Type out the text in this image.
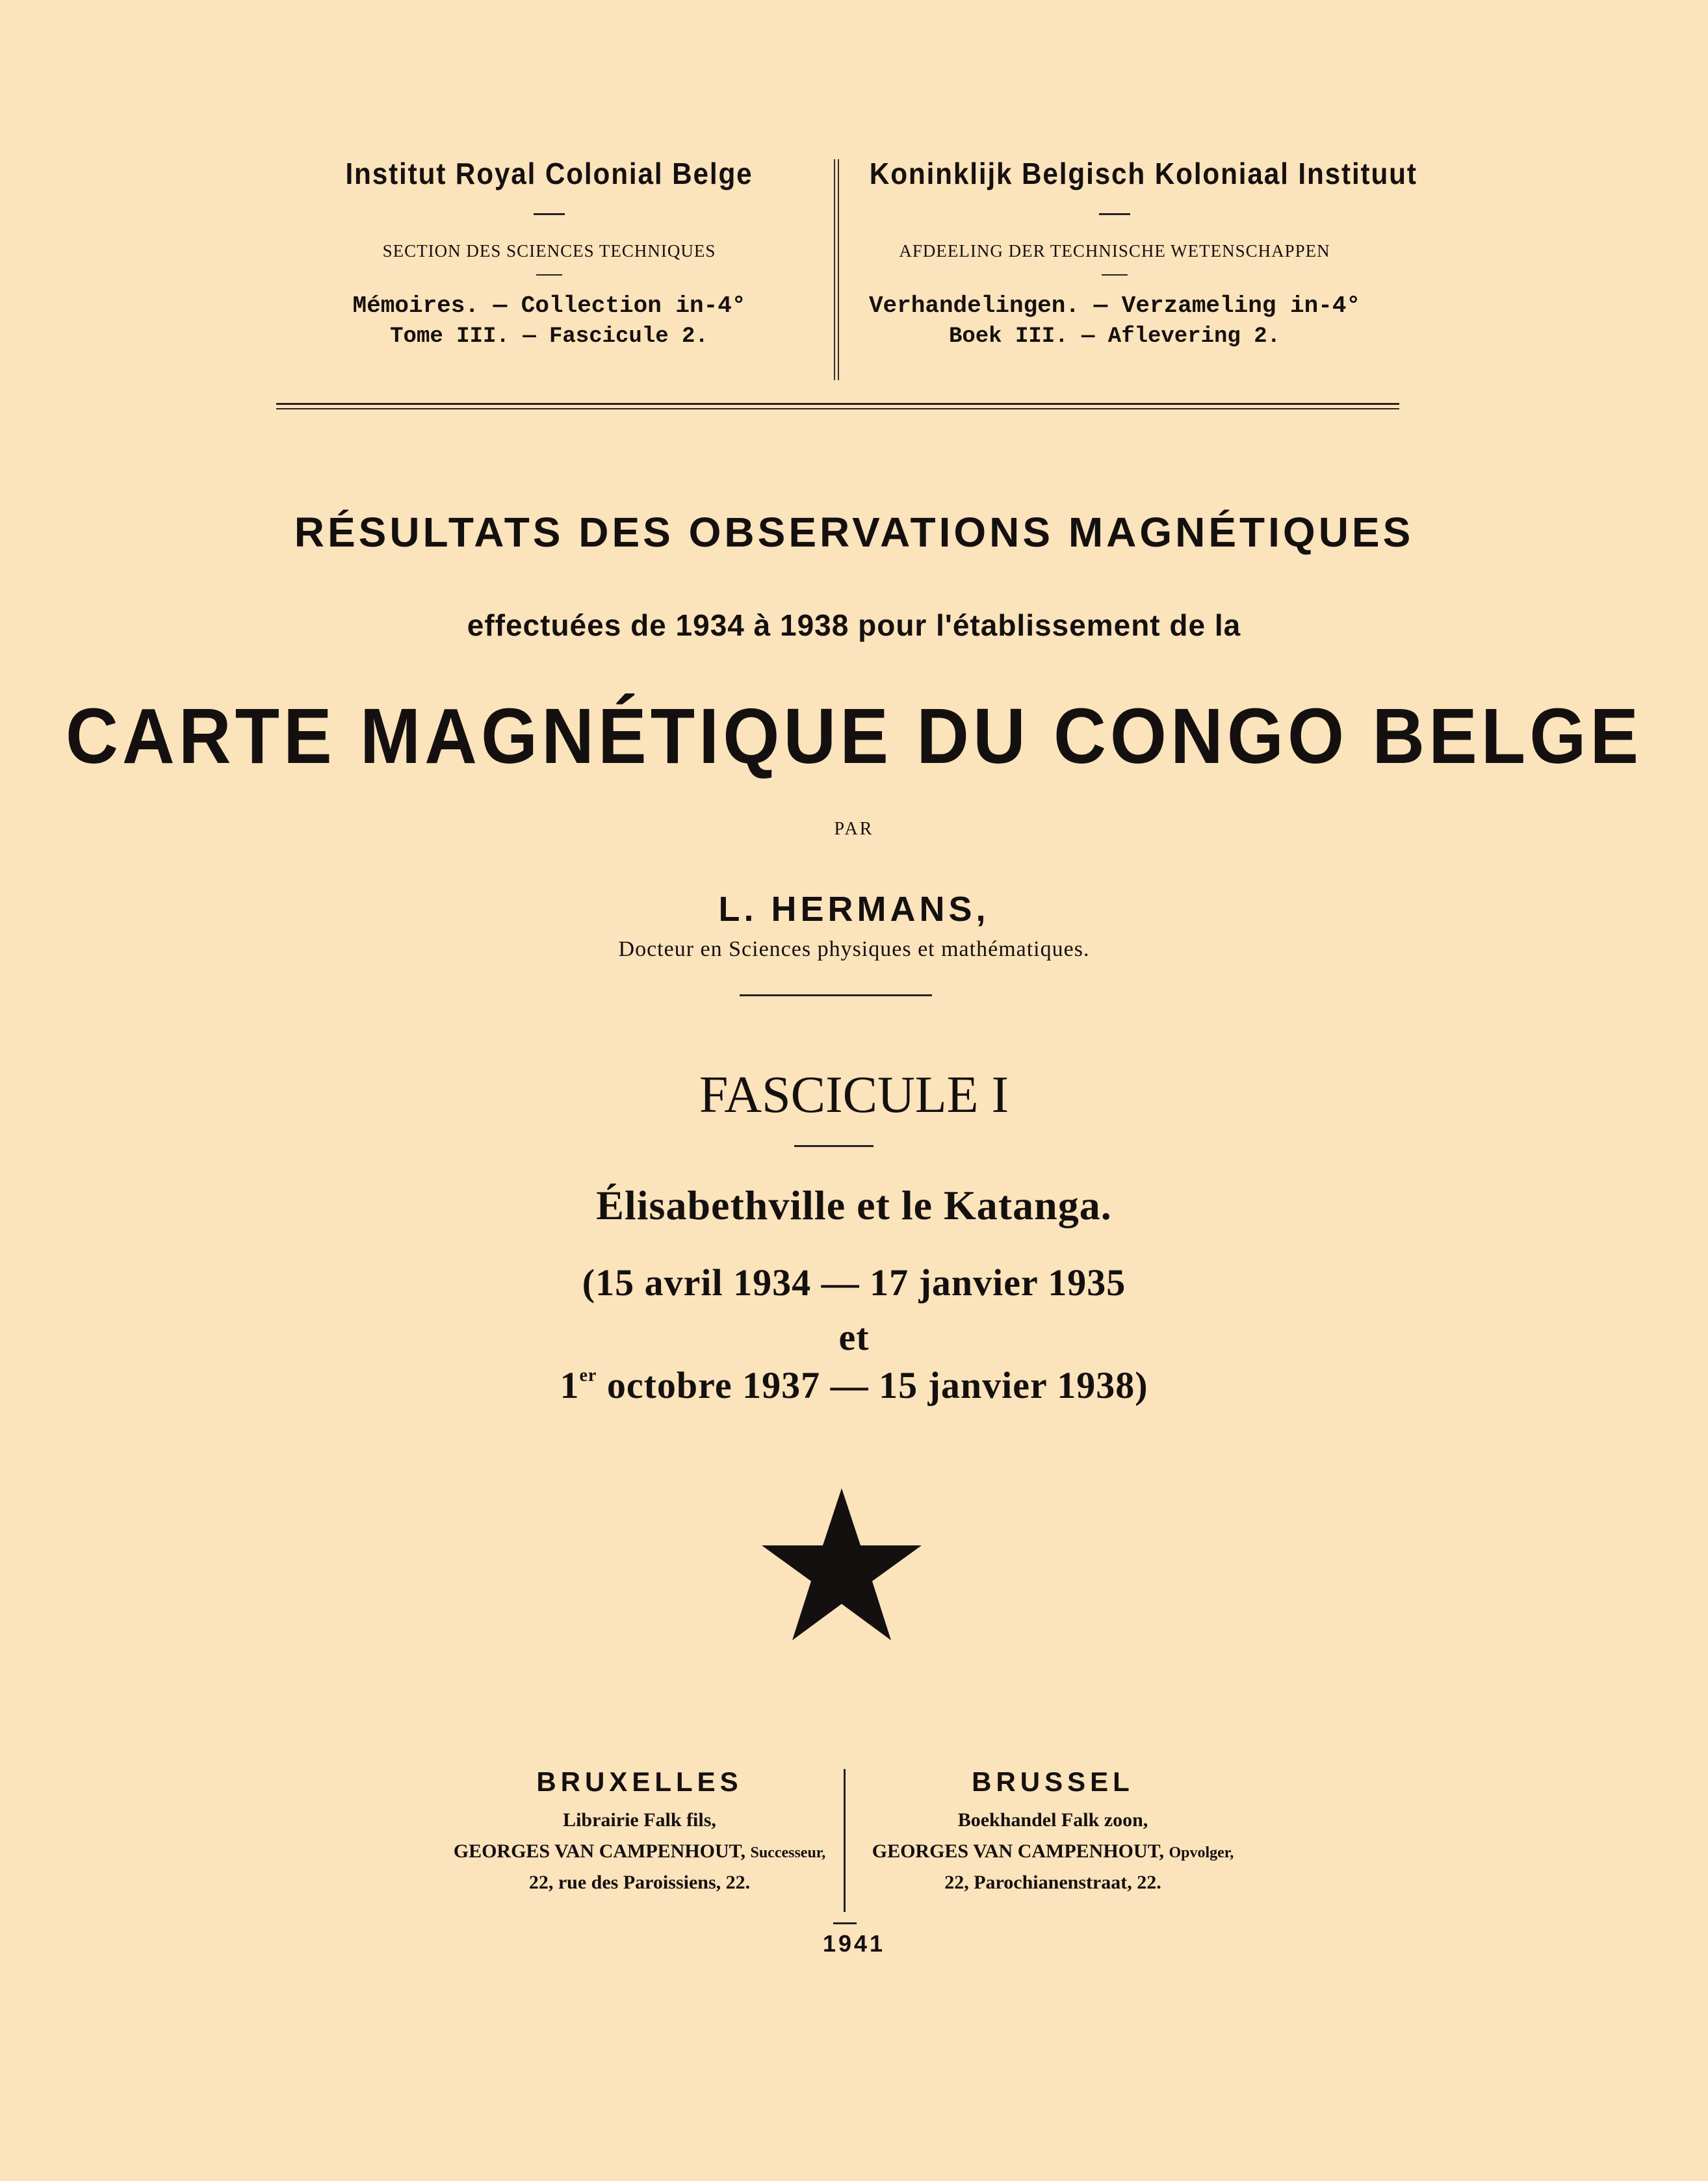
Institut Royal Colonial Belge
SECTION DES SCIENCES TECHNIQUES
Mémoires. — Collection in-4°
Tome III. — Fascicule 2.
Koninklijk Belgisch Koloniaal Instituut
AFDEELING DER TECHNISCHE WETENSCHAPPEN
Verhandelingen. — Verzameling in-4°
Boek III. — Aflevering 2.
RÉSULTATS DES OBSERVATIONS MAGNÉTIQUES
effectuées de 1934 à 1938 pour l'établissement de la
CARTE MAGNÉTIQUE DU CONGO BELGE
PAR
L. HERMANS,
Docteur en Sciences physiques et mathématiques.
FASCICULE I
Élisabethville et le Katanga.
(15 avril 1934 — 17 janvier 1935
et
1er octobre 1937 — 15 janvier 1938)
BRUXELLES
Librairie Falk fils,
GEORGES VAN CAMPENHOUT, Successeur,
22, rue des Paroissiens, 22.
BRUSSEL
Boekhandel Falk zoon,
GEORGES VAN CAMPENHOUT, Opvolger,
22, Parochianenstraat, 22.
1941
